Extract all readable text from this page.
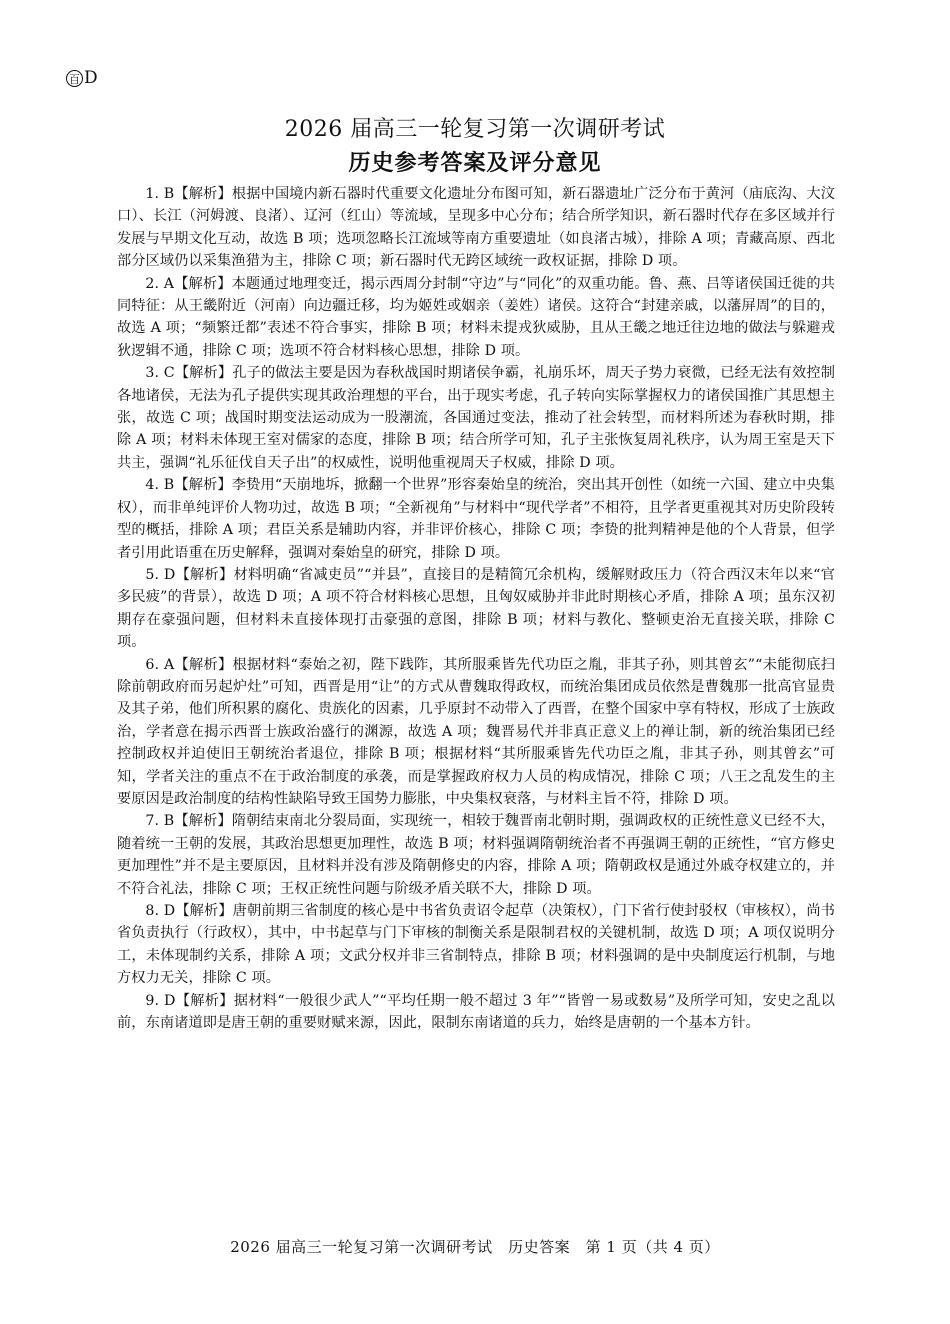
百 D
2026 届高三一轮复习第一次调研考试
历史参考答案及评分意见

1. B【解析】根据中国境内新石器时代重要文化遗址分布图可知，新石器遗址广泛分布于黄河（庙底沟、大汶口）、长江（河姆渡、良渚）、辽河（红山）等流域，呈现多中心分布；结合所学知识，新石器时代存在多区域并行发展与早期文化互动，故选 B 项；选项忽略长江流域等南方重要遗址（如良渚古城），排除 A 项；青藏高原、西北部分区域仍以采集渔猎为主，排除 C 项；新石器时代无跨区域统一政权证据，排除 D 项。

2. A【解析】本题通过地理变迁，揭示西周分封制“守边”与“同化”的双重功能。鲁、燕、吕等诸侯国迁徙的共同特征：从王畿附近（河南）向边疆迁移，均为姬姓或姻亲（姜姓）诸侯。这符合“封建亲戚，以藩屏周”的目的，故选 A 项；“频繁迁都”表述不符合事实，排除 B 项；材料未提戎狄威胁，且从王畿之地迁往边地的做法与躲避戎狄逻辑不通，排除 C 项；选项不符合材料核心思想，排除 D 项。

3. C【解析】孔子的做法主要是因为春秋战国时期诸侯争霸，礼崩乐坏，周天子势力衰微，已经无法有效控制各地诸侯，无法为孔子提供实现其政治理想的平台，出于现实考虑，孔子转向实际掌握权力的诸侯国推广其思想主张，故选 C 项；战国时期变法运动成为一股潮流，各国通过变法，推动了社会转型，而材料所述为春秋时期，排除 A 项；材料未体现王室对儒家的态度，排除 B 项；结合所学可知，孔子主张恢复周礼秩序，认为周王室是天下共主，强调“礼乐征伐自天子出”的权威性，说明他重视周天子权威，排除 D 项。

4. B【解析】李贽用“天崩地坼，掀翻一个世界”形容秦始皇的统治，突出其开创性（如统一六国、建立中央集权），而非单纯评价人物功过，故选 B 项；“全新视角”与材料中“现代学者”不相符，且学者更重视其对历史阶段转型的概括，排除 A 项；君臣关系是辅助内容，并非评价核心，排除 C 项；李贽的批判精神是他的个人背景，但学者引用此语重在历史解释，强调对秦始皇的研究，排除 D 项。

5. D【解析】材料明确“省减吏员”“并县”，直接目的是精简冗余机构，缓解财政压力（符合西汉末年以来“官多民疲”的背景），故选 D 项；A 项不符合材料核心思想，且匈奴威胁并非此时期核心矛盾，排除 A 项；虽东汉初期存在豪强问题，但材料未直接体现打击豪强的意图，排除 B 项；材料与教化、整顿吏治无直接关联，排除 C 项。

6. A【解析】根据材料“泰始之初，陛下践阼，其所服乘皆先代功臣之胤，非其子孙，则其曾玄”“未能彻底扫除前朝政府而另起炉灶”可知，西晋是用“让”的方式从曹魏取得政权，而统治集团成员依然是曹魏那一批高官显贵及其子弟，他们所积累的腐化、贵族化的因素，几乎原封不动带入了西晋，在整个国家中享有特权，形成了士族政治，学者意在揭示西晋士族政治盛行的渊源，故选 A 项；魏晋易代并非真正意义上的禅让制，新的统治集团已经控制政权并迫使旧王朝统治者退位，排除 B 项；根据材料“其所服乘皆先代功臣之胤，非其子孙，则其曾玄”可知，学者关注的重点不在于政治制度的承袭，而是掌握政府权力人员的构成情况，排除 C 项；八王之乱发生的主要原因是政治制度的结构性缺陷导致王国势力膨胀，中央集权衰落，与材料主旨不符，排除 D 项。

7. B【解析】隋朝结束南北分裂局面，实现统一，相较于魏晋南北朝时期，强调政权的正统性意义已经不大，随着统一王朝的发展，其政治思想更加理性，故选 B 项；材料强调隋朝统治者不再强调王朝的正统性，“官方修史更加理性”并不是主要原因，且材料并没有涉及隋朝修史的内容，排除 A 项；隋朝政权是通过外戚夺权建立的，并不符合礼法，排除 C 项；王权正统性问题与阶级矛盾关联不大，排除 D 项。

8. D【解析】唐朝前期三省制度的核心是中书省负责诏令起草（决策权），门下省行使封驳权（审核权），尚书省负责执行（行政权），其中，中书起草与门下审核的制衡关系是限制君权的关键机制，故选 D 项；A 项仅说明分工，未体现制约关系，排除 A 项；文武分权并非三省制特点，排除 B 项；材料强调的是中央制度运行机制，与地方权力无关，排除 C 项。

9. D【解析】据材料“一般很少武人”“平均任期一般不超过 3 年”“皆曾一易或数易”及所学可知，安史之乱以前，东南诸道即是唐王朝的重要财赋来源，因此，限制东南诸道的兵力，始终是唐朝的一个基本方针。

2026 届高三一轮复习第一次调研考试　历史答案　第 1 页（共 4 页）
